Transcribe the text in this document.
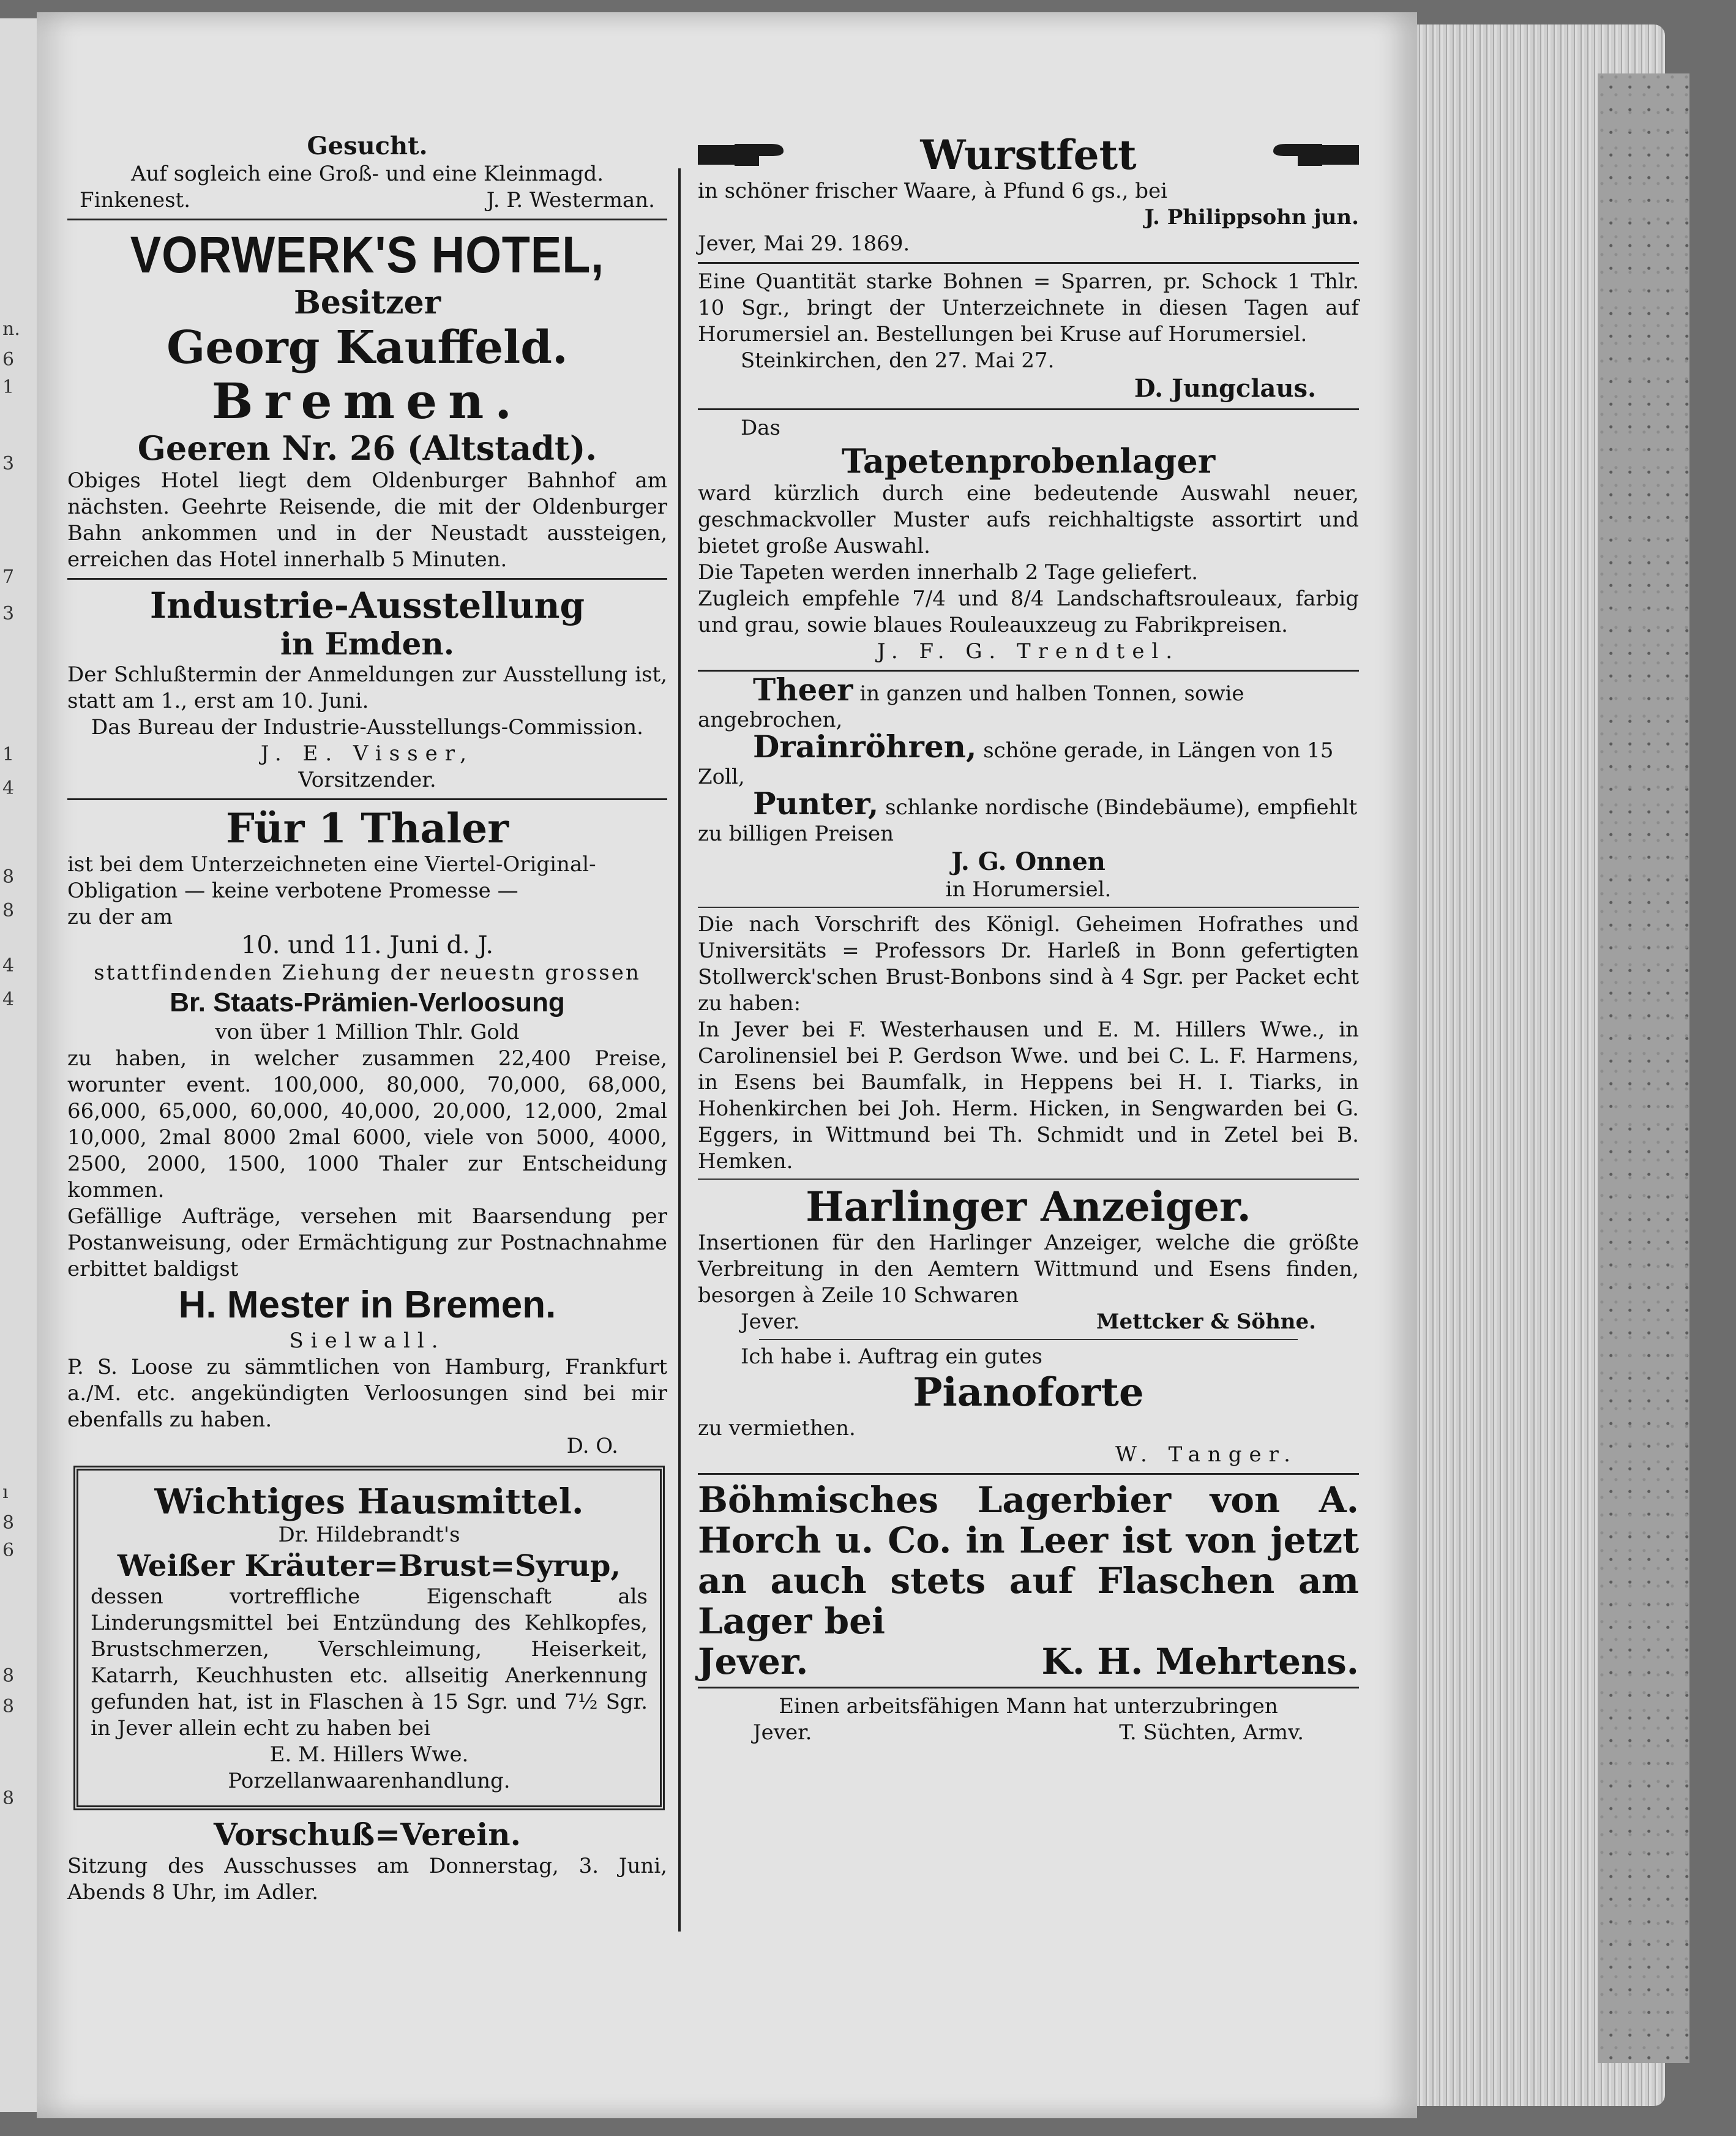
n.
6
1
3
7
3
1
4
8
8
4
4
ı
8
6
8
8
8

Gesucht.

Auf sogleich eine Groß- und eine Kleinmagd.

Finkenest.	J. P. Westerman.

VORWERK'S HOTEL,

Besitzer

Georg Kauffeld.

Bremen.

Geeren Nr. 26 (Altstadt).

Obiges Hotel liegt dem Oldenburger Bahnhof am nächsten. Geehrte Reisende, die mit der Oldenburger Bahn ankommen und in der Neustadt aussteigen, erreichen das Hotel innerhalb 5 Minuten.

Industrie-Ausstellung

in Emden.

Der Schlußtermin der Anmeldungen zur Ausstellung ist, statt am 1., erst am 10. Juni.

Das Bureau der Industrie-Ausstellungs-Commission.

J. E. Visser,

Vorsitzender.

Für 1 Thaler

ist bei dem Unterzeichneten eine Viertel-Original-

Obligation — keine verbotene Promesse —

zu der am

10. und 11. Juni d. J.

stattfindenden Ziehung der neuestn grossen

Br. Staats-Prämien-Verloosung

von über 1 Million Thlr. Gold

zu haben, in welcher zusammen 22,400 Preise, worunter event. 100,000, 80,000, 70,000, 68,000, 66,000, 65,000, 60,000, 40,000, 20,000, 12,000, 2mal 10,000, 2mal 8000 2mal 6000, viele von 5000, 4000, 2500, 2000, 1500, 1000 Thaler zur Entscheidung kommen.

Gefällige Aufträge, versehen mit Baarsendung per Postanweisung, oder Ermächtigung zur Postnachnahme erbittet baldigst

H. Mester in Bremen.

Sielwall.

P. S. Loose zu sämmtlichen von Hamburg, Frankfurt a./M. etc. angekündigten Verloosungen sind bei mir ebenfalls zu haben.

D. O.

Wichtiges Hausmittel.

Dr. Hildebrandt's

Weißer Kräuter=Brust=Syrup,

dessen vortreffliche Eigenschaft als Linderungsmittel bei Entzündung des Kehlkopfes, Brustschmerzen, Verschleimung, Heiserkeit, Katarrh, Keuchhusten etc. allseitig Anerkennung gefunden hat, ist in Flaschen à 15 Sgr. und 7½ Sgr. in Jever allein echt zu haben bei

E. M. Hillers Wwe.

Porzellanwaarenhandlung.

Vorschuß=Verein.

Sitzung des Ausschusses am Donnerstag, 3. Juni, Abends 8 Uhr, im Adler.

Wurstfett

in schöner frischer Waare, à Pfund 6 gs., bei

J. Philippsohn jun.

Jever, Mai 29. 1869.

Eine Quantität starke Bohnen = Sparren, pr. Schock 1 Thlr. 10 Sgr., bringt der Unterzeichnete in diesen Tagen auf Horumersiel an. Bestellungen bei Kruse auf Horumersiel.

Steinkirchen, den 27. Mai 27.

D. Jungclaus.

Das

Tapetenprobenlager

ward kürzlich durch eine bedeutende Auswahl neuer, geschmackvoller Muster aufs reichhaltigste assortirt und bietet große Auswahl.

Die Tapeten werden innerhalb 2 Tage geliefert.

Zugleich empfehle 7/4 und 8/4 Landschaftsrouleaux, farbig und grau, sowie blaues Rouleauxzeug zu Fabrikpreisen.

J. F. G. Trendtel.

Theer in ganzen und halben Tonnen, sowie angebrochen,

Drainröhren, schöne gerade, in Längen von 15 Zoll,

Punter, schlanke nordische (Bindebäume), empfiehlt zu billigen Preisen

J. G. Onnen

in Horumersiel.

Die nach Vorschrift des Königl. Geheimen Hofrathes und Universitäts = Professors Dr. Harleß in Bonn gefertigten Stollwerck'schen Brust-Bonbons sind à 4 Sgr. per Packet echt zu haben:

In Jever bei F. Westerhausen und E. M. Hillers Wwe., in Carolinensiel bei P. Gerdson Wwe. und bei C. L. F. Harmens, in Esens bei Baumfalk, in Heppens bei H. I. Tiarks, in Hohenkirchen bei Joh. Herm. Hicken, in Sengwarden bei G. Eggers, in Wittmund bei Th. Schmidt und in Zetel bei B. Hemken.

Harlinger Anzeiger.

Insertionen für den Harlinger Anzeiger, welche die größte Verbreitung in den Aemtern Wittmund und Esens finden, besorgen à Zeile 10 Schwaren

Jever.	Mettcker & Söhne.

Ich habe i. Auftrag ein gutes

Pianoforte

zu vermiethen.

W. Tanger.

Böhmisches Lagerbier von A. Horch u. Co. in Leer ist von jetzt an auch stets auf Flaschen am Lager bei

Jever.	K. H. Mehrtens.

Einen arbeitsfähigen Mann hat unterzubringen

Jever.	T. Süchten, Armv.
